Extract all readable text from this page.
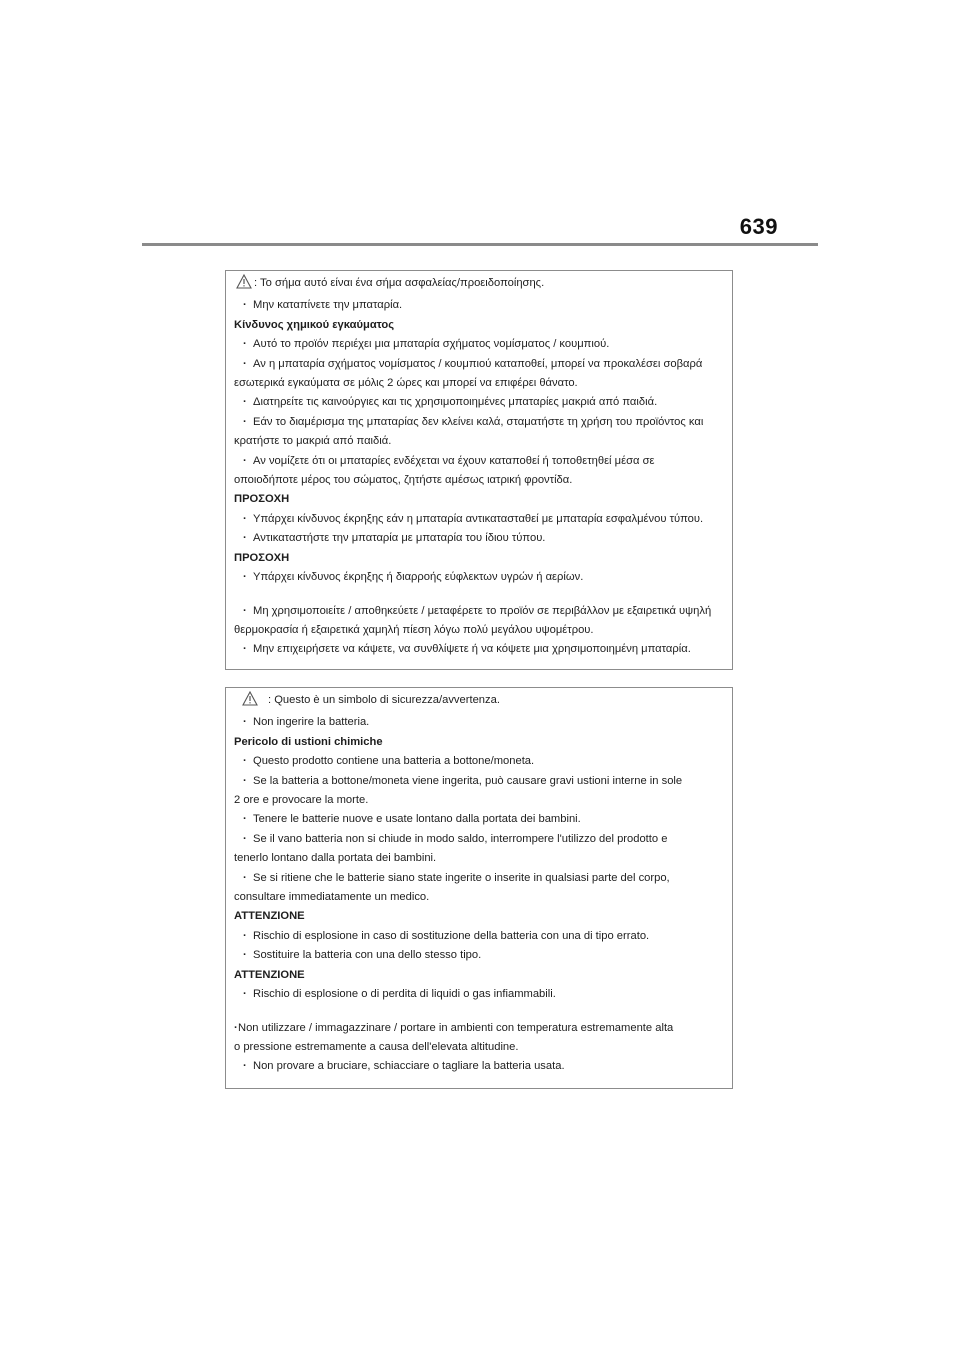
639
: Το σήμα αυτό είναι ένα σήμα ασφαλείας/προειδοποίησης.
· Μην καταπίνετε την μπαταρία.
Κίνδυνος χημικού εγκαύματος
· Αυτό το προϊόν περιέχει μια μπαταρία σχήματος νομίσματος / κουμπιού.
· Αν η μπαταρία σχήματος νομίσματος / κουμπιού καταποθεί, μπορεί να προκαλέσει σοβαρά
εσωτερικά εγκαύματα σε μόλις 2 ώρες και μπορεί να επιφέρει θάνατο.
· Διατηρείτε τις καινούργιες και τις χρησιμοποιημένες μπαταρίες μακριά από παιδιά.
· Εάν το διαμέρισμα της μπαταρίας δεν κλείνει καλά, σταματήστε τη χρήση του προϊόντος και
κρατήστε το μακριά από παιδιά.
· Αν νομίζετε ότι οι μπαταρίες ενδέχεται να έχουν καταποθεί ή τοποθετηθεί μέσα σε
οποιοδήποτε μέρος του σώματος, ζητήστε αμέσως ιατρική φροντίδα.
ΠΡΟΣΟΧΗ
· Υπάρχει κίνδυνος έκρηξης εάν η μπαταρία αντικατασταθεί με μπαταρία εσφαλμένου τύπου.
· Αντικαταστήστε την μπαταρία με μπαταρία του ίδιου τύπου.
ΠΡΟΣΟΧΗ
· Υπάρχει κίνδυνος έκρηξης ή διαρροής εύφλεκτων υγρών ή αερίων.
· Μη χρησιμοποιείτε / αποθηκεύετε / μεταφέρετε το προϊόν σε περιβάλλον με εξαιρετικά υψηλή
θερμοκρασία ή εξαιρετικά χαμηλή πίεση λόγω πολύ μεγάλου υψομέτρου.
· Μην επιχειρήσετε να κάψετε, να συνθλίψετε ή να κόψετε μια χρησιμοποιημένη μπαταρία.
: Questo è un simbolo di sicurezza/avvertenza.
· Non ingerire la batteria.
Pericolo di ustioni chimiche
· Questo prodotto contiene una batteria a bottone/moneta.
· Se la batteria a bottone/moneta viene ingerita, può causare gravi ustioni interne in sole
2 ore e provocare la morte.
· Tenere le batterie nuove e usate lontano dalla portata dei bambini.
· Se il vano batteria non si chiude in modo saldo, interrompere l'utilizzo del prodotto e
tenerlo lontano dalla portata dei bambini.
· Se si ritiene che le batterie siano state ingerite o inserite in qualsiasi parte del corpo,
consultare immediatamente un medico.
ATTENZIONE
· Rischio di esplosione in caso di sostituzione della batteria con una di tipo errato.
· Sostituire la batteria con una dello stesso tipo.
ATTENZIONE
· Rischio di esplosione o di perdita di liquidi o gas infiammabili.
· Non utilizzare / immagazzinare / portare in ambienti con temperatura estremamente alta
o pressione estremamente a causa dell'elevata altitudine.
· Non provare a bruciare, schiacciare o tagliare la batteria usata.
